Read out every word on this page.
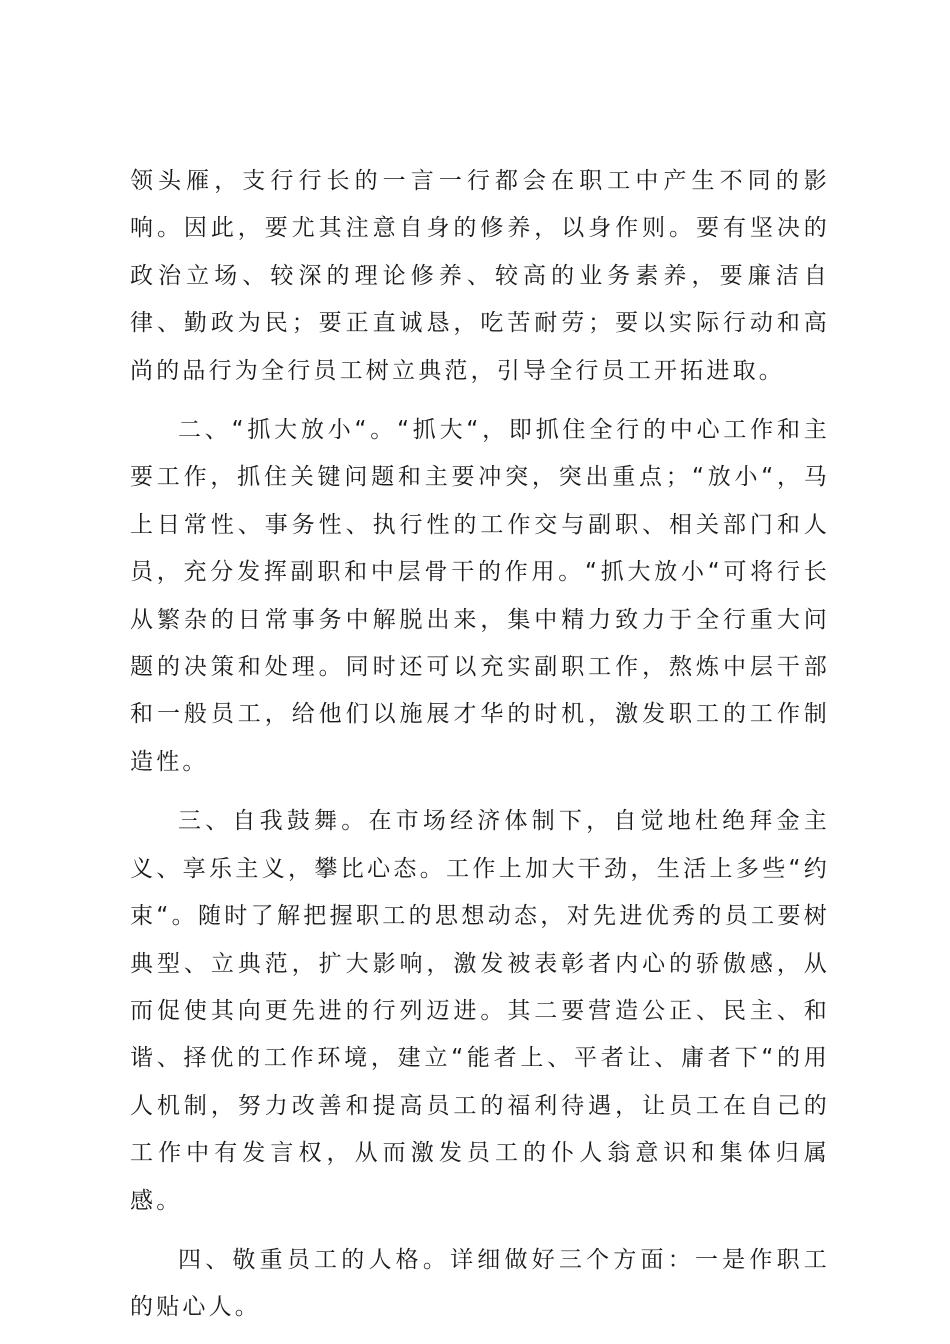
领头雁，支行行长的一言一行都会在职工中产生不同的影响。因此，要尤其注意自身的修养，以身作则。要有坚决的政治立场、较深的理论修养、较高的业务素养，要廉洁自律、勤政为民；要正直诚恳，吃苦耐劳；要以实际行动和高尚的品行为全行员工树立典范，引导全行员工开拓进取。

二、“抓大放小“。“抓大“，即抓住全行的中心工作和主要工作，抓住关键问题和主要冲突，突出重点；“放小“，马上日常性、事务性、执行性的工作交与副职、相关部门和人员，充分发挥副职和中层骨干的作用。“抓大放小“可将行长从繁杂的日常事务中解脱出来，集中精力致力于全行重大问题的决策和处理。同时还可以充实副职工作，熬炼中层干部和一般员工，给他们以施展才华的时机，激发职工的工作制造性。

三、自我鼓舞。在市场经济体制下，自觉地杜绝拜金主义、享乐主义，攀比心态。工作上加大干劲，生活上多些“约束“。随时了解把握职工的思想动态，对先进优秀的员工要树典型、立典范，扩大影响，激发被表彰者内心的骄傲感，从而促使其向更先进的行列迈进。其二要营造公正、民主、和谐、择优的工作环境，建立“能者上、平者让、庸者下“的用人机制，努力改善和提高员工的福利待遇，让员工在自己的工作中有发言权，从而激发员工的仆人翁意识和集体归属感。

四、敬重员工的人格。详细做好三个方面：一是作职工的贴心人。
